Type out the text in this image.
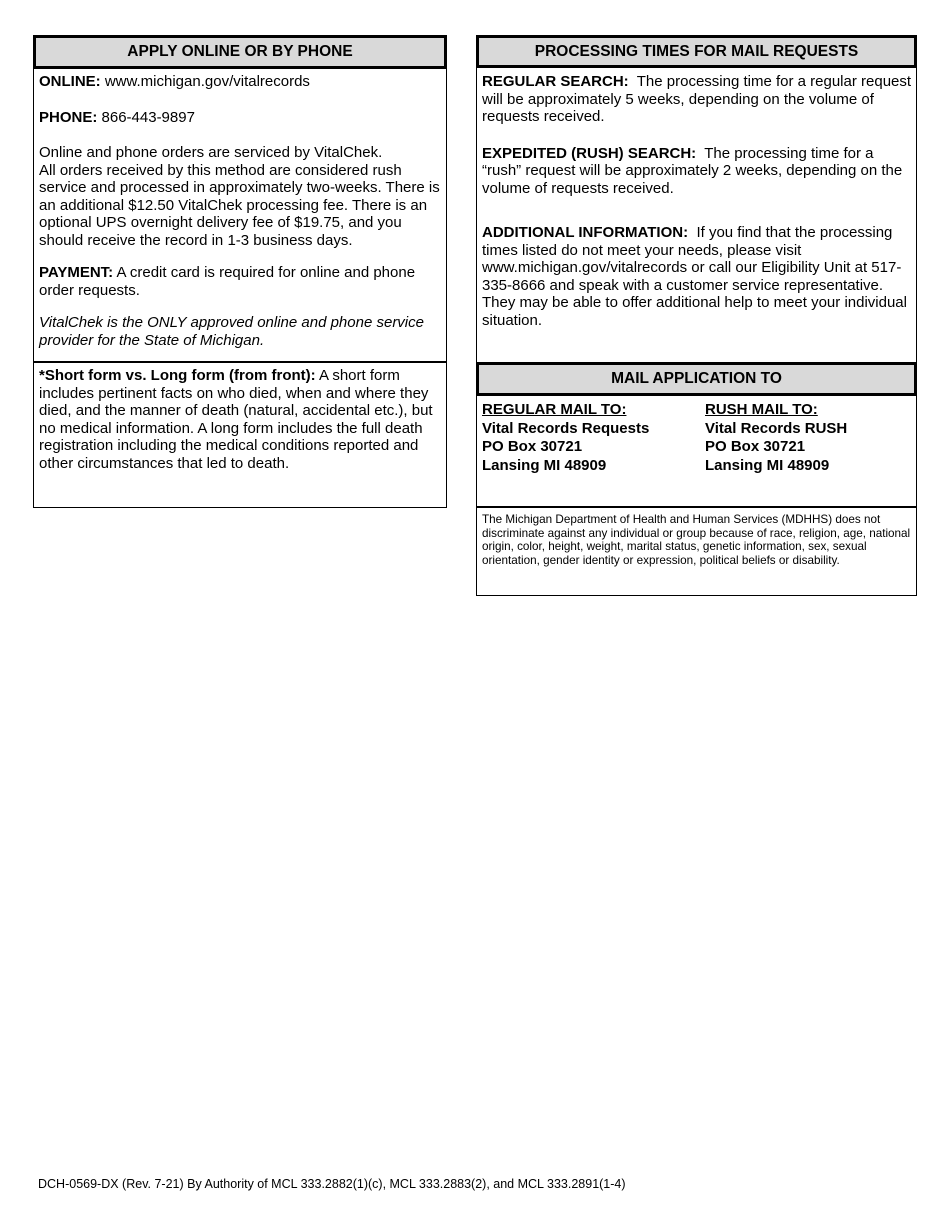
APPLY ONLINE OR BY PHONE

ONLINE: www.michigan.gov/vitalrecords

PHONE: 866-443-9897

Online and phone orders are serviced by VitalChek.

All orders received by this method are considered rush service and processed in approximately two-weeks. There is an additional $12.50 VitalChek processing fee. There is an optional UPS overnight delivery fee of $19.75, and you should receive the record in 1-3 business days.

PAYMENT: A credit card is required for online and phone order requests.

VitalChek is the ONLY approved online and phone service provider for the State of Michigan.

*Short form vs. Long form (from front): A short form includes pertinent facts on who died, when and where they died, and the manner of death (natural, accidental etc.), but no medical information. A long form includes the full death registration including the medical conditions reported and other circumstances that led to death.

PROCESSING TIMES FOR MAIL REQUESTS

REGULAR SEARCH: The processing time for a regular request will be approximately 5 weeks, depending on the volume of requests received.

EXPEDITED (RUSH) SEARCH: The processing time for a “rush” request will be approximately 2 weeks, depending on the volume of requests received.

ADDITIONAL INFORMATION: If you find that the processing times listed do not meet your needs, please visit www.michigan.gov/vitalrecords or call our Eligibility Unit at 517-335-8666 and speak with a customer service representative. They may be able to offer additional help to meet your individual situation.

MAIL APPLICATION TO

REGULAR MAIL TO:

Vital Records Requests

PO Box 30721

Lansing MI 48909

RUSH MAIL TO:

Vital Records RUSH

PO Box 30721

Lansing MI 48909

The Michigan Department of Health and Human Services (MDHHS) does not discriminate against any individual or group because of race, religion, age, national origin, color, height, weight, marital status, genetic information, sex, sexual orientation, gender identity or expression, political beliefs or disability.
DCH-0569-DX (Rev. 7-21) By Authority of MCL 333.2882(1)(c), MCL 333.2883(2), and MCL 333.2891(1-4)
